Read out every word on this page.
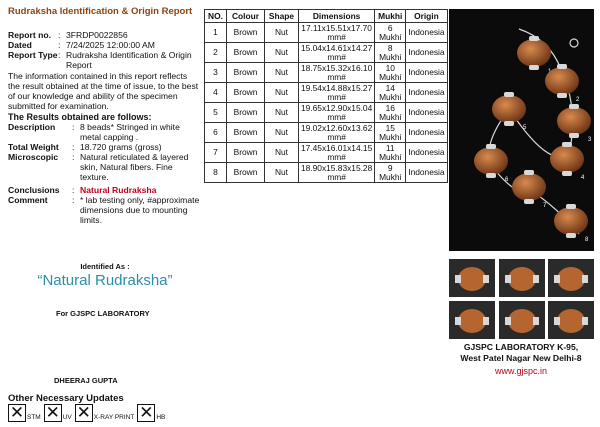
Rudraksha Identification & Origin Report
Report no. : 3FRDP0022856
Dated	: 7/24/2025 12:00:00 AM
Report Type : Rudraksha Identification & Origin Report
The information contained in this report reflects the result obtained at the time of issue, to the best of our knowledge and ability of the specimen submitted for examination.
The Results obtained are follows:
Description	: 8 beads* Stringed in white metal capping .
Total Weight	: 18.720 grams (gross)
Microscopic	: Natural reticulated & layered skin, Natural fibers. Fine texture.
Conclusions	: Natural Rudraksha
Comment	: * lab testing only, #approximate dimensions due to mounting limits.
Identified As :
“Natural Rudraksha”
For GJSPC LABORATORY
DHEERAJ GUPTA
Other Necessary Updates
✕ STM ✕ UV ✕ X-RAY PRINT ✕ HB
NO.	Colour	Shape	Dimensions	Mukhi	Origin
1	Brown	Nut	17.11x15.51x17.70 mm#	6 Mukhi	Indonesia
2	Brown	Nut	15.04x14.61x14.27 mm#	8 Mukhi	Indonesia
3	Brown	Nut	18.75x15.32x16.10 mm#	10 Mukhi	Indonesia
4	Brown	Nut	19.54x14.88x15.27 mm#	14 Mukhi	Indonesia
5	Brown	Nut	19.65x12.90x15.04 mm#	16 Mukhi	Indonesia
6	Brown	Nut	19.02x12.60x13.62 mm#	15 Mukhi	Indonesia
7	Brown	Nut	17.45x16.01x14.15 mm#	11 Mukhi	Indonesia
8	Brown	Nut	18.90x15.83x15.28 mm#	9 Mukhi	Indonesia
2
3
4
5
6
7
8
GJSPC LABORATORY K-95,
West Patel Nagar New Delhi-8
www.gjspc.in
